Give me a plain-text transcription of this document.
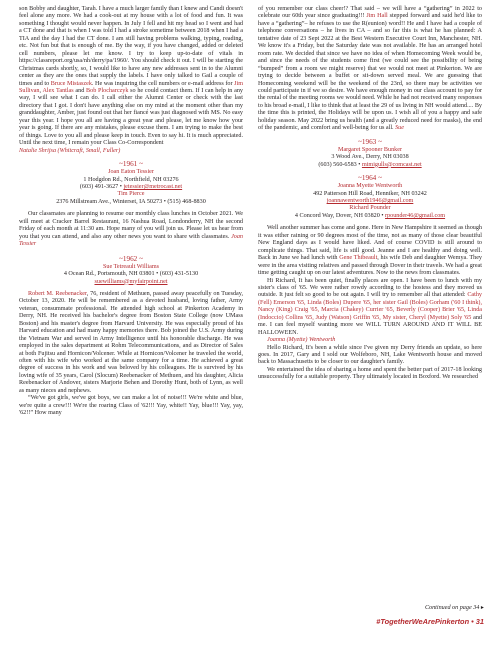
son Bobby and daughter, Tarah. I have a much larger family than I knew and Candi doesn't feel alone any more. We had a cook-out at my house with a lot of food and fun. It was something I thought would never happen. In July I fell and hit my head so I went and had a CT done and that is when I was told I had a stroke sometime between 2018 when I had a TIA and the day I had the CT done. I am still having problems walking, typing, reading, etc. Not fun but that is enough of me. By the way, if you have changed, added or deleted cell numbers, please let me know. I try to keep up-to-date of vitals in https://classreport.org/usa/nh/derry/pa/1960/. You should check it out. I will be starting the Christmas cards shortly, so, I would like to have any new addresses sent in to the Alumni center as they are the ones that supply the labels. I have only talked to Gail a couple of times and to Bruce Mistaszek. He was inquiring the cell numbers or e-mail address for Jim Sullivan, Alex Tantlas and Bob Plocharczyk so he could contact them. If I can help in any way, I will see what I can do. I call either the Alumni Center or check with the last directory that I got. I don't have anything else on my mind at the moment other than my granddaughter, Amber, just found out that her fiancé was just diagnosed with MS. No easy year this year. I hope you all are having a great year and please, let me know how your year is going. If there are any mistakes, please excuse them. I am trying to make the best of things. Love to you all and please keep in touch. Even to say hi. It is much appreciated. Until the next time, I remain your Class Co-Correspondent

Natalie Shrijsa (Whitcraft, Small, Fuller)

~1961 ~

Joan Eaton Tessier

1 Hodgdon Rd., Northfield, NH 03276

(603) 491-3627 • jetessier@metrocast.net

Tim Pierce

2376 Millstream Ave., Winterset, IA 50273 • (515) 468-8830

Our classmates are planning to resume our monthly class lunches in October 2021. We will meet at Cracker Barrel Restaurant, 16 Nashua Road, Londonderry, NH the second Friday of each month at 11:30 am. Hope many of you will join us. Please let us hear from you that you can attend, and also any other news you want to share with classmates. Joan Tessier

~1962 ~

Sue Tetreault Williams

4 Ocean Rd., Portsmouth, NH 03801 • (603) 431-5130

suewilliams@myfairpoint.net

Robert M. Reebenacker, 76, resident of Methuen, passed away peacefully on Tuesday, October 13, 2020. He will be remembered as a devoted husband, loving father, Army veteran, consummate professional. He attended high school at Pinkerton Academy in Derry, NH. He received his bachelor's degree from Boston State College (now UMass Boston) and his master's degree from Harvard University. He was especially proud of his Harvard education and had many happy memories there. Bob joined the U.S. Army during the Vietnam War and served in Army Intelligence until his honorable discharge. He was employed in the sales department at Rohm Telecommunications, and as Director of Sales at both Fujitsu and Hornicon/Volcener. While at Hornicon/Volcener he traveled the world, often with his wife who worked at the same company for a time. He achieved a great degree of success in his work and was beloved by his colleagues. He is survived by his loving wife of 35 years, Carol (Slocum) Reebenacker of Methuen, and his daughter, Alicia Reebenacker of Andover, sisters Marjorie Behen and Dorothy Hunt, both of Lynn, as well as many nieces and nephews.

“We've got girls, we've got boys, we can make a lot of noise!!! We're white and blue, we're quite a crew!!! We're the roaring Class of '62!!! Yay, white!! Yay, blue!!! Yay, yay, '62!!” How many

of you remember our class cheer!? That said – we will have a “gathering” in 2022 to celebrate our 60th year since graduating!!! Jim Hall stepped forward and said he'd like to have a “gathering”– he refuses to use the R(eunion) word!! He and I have had a couple of telephone conversations – he lives in CA – and so far this is what he has planned: A tentative date of 23 Sept 2022 at the Best Western Executive Court Inn, Manchester, NH. We know it's a Friday, but the Saturday date was not available. He has an arranged hotel room rate. We decided that since we have no idea of when Homecoming Week would be, and since the needs of the students come first (we could see the possibility of being “bumped” from a room we might reserve) that we would not meet at Pinkerton. We are trying to decide between a buffet or sit-down served meal. We are guessing that Homecoming weekend will be the weekend of the 23rd, so there may be activities we could participate in if we so desire. We have enough money in our class account to pay for the rental of the meeting rooms we would need. While he had not received many responses to his broad e-mail, I like to think that at least the 29 of us living in NH would attend.... By the time this is printed, the Holidays will be upon us. I wish all of you a happy and safe holiday season. May 2022 bring us health (and a greatly reduced need for masks), the end of the pandemic, and comfort and well-being for us all. Sue

~1963 ~

Margaret Spooner Bunker

3 Wood Ave., Derry, NH 03038

(603) 560-6583 • mimigulls@comcast.net

~1964 ~

Joanna Myette Wentworth

492 Patterson Hill Road, Henniker, NH 03242

joannawentworth1946@gmail.com

Richard Pounder

4 Concord Way, Dover, NH 03820 • rpounder46@gmail.com

Well another summer has come and gone. Here in New Hampshire it seemed as though it was either raining or 90 degrees most of the time, not as many of those clear beautiful New England days as I would have liked. And of course COVID is still around to complicate things. That said, life is still good. Jeanne and I are healthy and doing well. Back in June we had lunch with Gene Thibeault, his wife Deb and daughter Wemya. They were in the area visiting relatives and passed through Dover in their travels. We had a great time getting caught up on our latest adventures. Now to the news from classmates.

Hi Richard, It has been quiet, finally places are open. I have been to lunch with my sister's class of '65. We were rather rowdy according to the hostess and they moved us outside. It just felt so good to be out again. I will try to remember all that attended: Cathy (Fell) Emerson '65, Linda (Boles) Dupere '65, her sister Gail (Boles) Gorham ('60 I think), Nancy (King) Craig '65, Marcia (Chakey) Currier '65, Beverly (Cooper) Brier '65, Linda (Indoccio) Collins '65, Judy (Watson) Griffin '65, My sister, Cheryl (Myette) Soly '65 and me. I can feel myself wanting more we WILL TURN AROUND AND IT WILL BE HALLOWEEN.

Joanna (Myette) Wentworth

Hello Richard, It's been a while since I've given my Derry friends an update, so here goes. In 2017, Gary and I sold our Wolfeboro, NH, Lake Wentworth house and moved back to Massachusetts to be closer to our daughter's family.

We entertained the idea of sharing a home and spent the better part of 2017-18 looking unsuccessfully for a suitable property. They ultimately located in Boxford. We researched

Continued on page 34 ▸
#TogetherWeArePinkerton • 31
